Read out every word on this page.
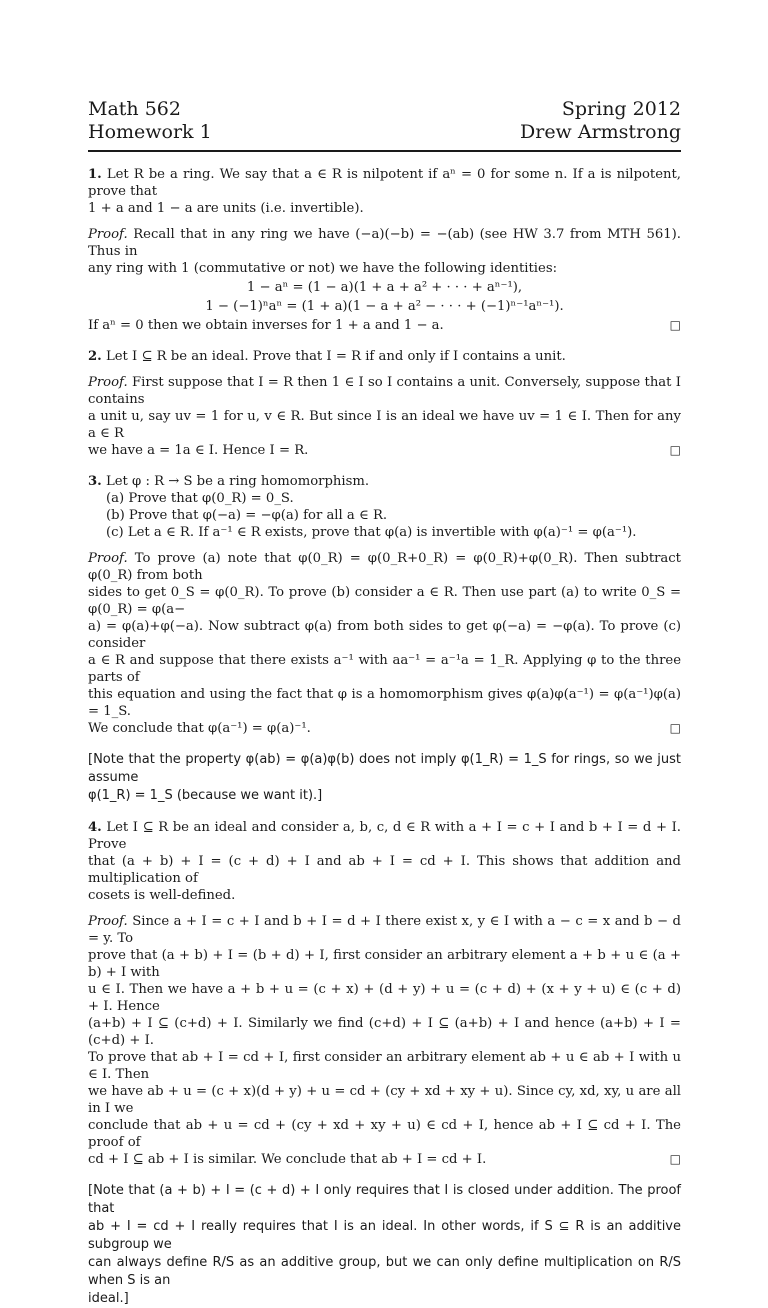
Math 562
Homework 1
Spring 2012
Drew Armstrong

1. Let R be a ring. We say that a ∈ R is nilpotent if aⁿ = 0 for some n. If a is nilpotent, prove that

1 + a and 1 − a are units (i.e. invertible).

Proof. Recall that in any ring we have (−a)(−b) = −(ab) (see HW 3.7 from MTH 561). Thus in

any ring with 1 (commutative or not) we have the following identities:

1 − aⁿ = (1 − a)(1 + a + a² + · · · + aⁿ⁻¹),
1 − (−1)ⁿaⁿ = (1 + a)(1 − a + a² − · · · + (−1)ⁿ⁻¹aⁿ⁻¹).

If aⁿ = 0 then we obtain inverses for 1 + a and 1 − a.	□

2. Let I ⊆ R be an ideal. Prove that I = R if and only if I contains a unit.

Proof. First suppose that I = R then 1 ∈ I so I contains a unit. Conversely, suppose that I contains

a unit u, say uv = 1 for u, v ∈ R. But since I is an ideal we have uv = 1 ∈ I. Then for any a ∈ R

we have a = 1a ∈ I. Hence I = R.	□

3. Let φ : R → S be a ring homomorphism.

(a) Prove that φ(0_R) = 0_S.
(b) Prove that φ(−a) = −φ(a) for all a ∈ R.
(c) Let a ∈ R. If a⁻¹ ∈ R exists, prove that φ(a) is invertible with φ(a)⁻¹ = φ(a⁻¹).

Proof. To prove (a) note that φ(0_R) = φ(0_R+0_R) = φ(0_R)+φ(0_R). Then subtract φ(0_R) from both

sides to get 0_S = φ(0_R). To prove (b) consider a ∈ R. Then use part (a) to write 0_S = φ(0_R) = φ(a−

a) = φ(a)+φ(−a). Now subtract φ(a) from both sides to get φ(−a) = −φ(a). To prove (c) consider

a ∈ R and suppose that there exists a⁻¹ with aa⁻¹ = a⁻¹a = 1_R. Applying φ to the three parts of

this equation and using the fact that φ is a homomorphism gives φ(a)φ(a⁻¹) = φ(a⁻¹)φ(a) = 1_S.

We conclude that φ(a⁻¹) = φ(a)⁻¹.	□

[Note that the property φ(ab) = φ(a)φ(b) does not imply φ(1_R) = 1_S for rings, so we just assume

φ(1_R) = 1_S (because we want it).]

4. Let I ⊆ R be an ideal and consider a, b, c, d ∈ R with a + I = c + I and b + I = d + I. Prove

that (a + b) + I = (c + d) + I and ab + I = cd + I. This shows that addition and multiplication of

cosets is well-defined.

Proof. Since a + I = c + I and b + I = d + I there exist x, y ∈ I with a − c = x and b − d = y. To

prove that (a + b) + I = (b + d) + I, first consider an arbitrary element a + b + u ∈ (a + b) + I with

u ∈ I. Then we have a + b + u = (c + x) + (d + y) + u = (c + d) + (x + y + u) ∈ (c + d) + I. Hence

(a+b) + I ⊆ (c+d) + I. Similarly we find (c+d) + I ⊆ (a+b) + I and hence (a+b) + I = (c+d) + I.

To prove that ab + I = cd + I, first consider an arbitrary element ab + u ∈ ab + I with u ∈ I. Then

we have ab + u = (c + x)(d + y) + u = cd + (cy + xd + xy + u). Since cy, xd, xy, u are all in I we

conclude that ab + u = cd + (cy + xd + xy + u) ∈ cd + I, hence ab + I ⊆ cd + I. The proof of

cd + I ⊆ ab + I is similar. We conclude that ab + I = cd + I.	□

[Note that (a + b) + I = (c + d) + I only requires that I is closed under addition. The proof that

ab + I = cd + I really requires that I is an ideal. In other words, if S ⊆ R is an additive subgroup we

can always define R/S as an additive group, but we can only define multiplication on R/S when S is an

ideal.]
